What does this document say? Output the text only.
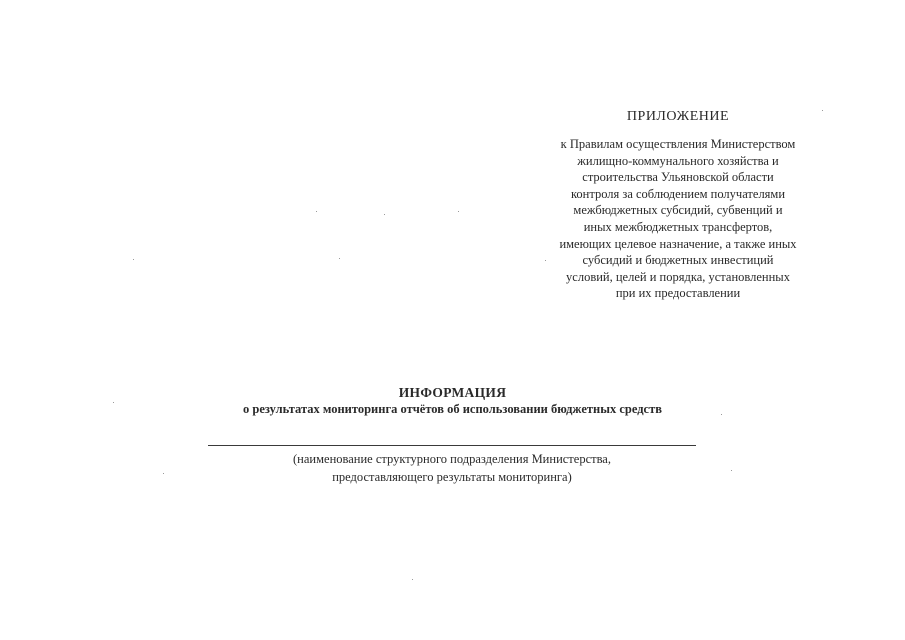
ПРИЛОЖЕНИЕ

к Правилам осуществления Министерством
жилищно-коммунального хозяйства и
строительства Ульяновской области
контроля за соблюдением получателями
межбюджетных субсидий, субвенций и
иных межбюджетных трансфертов,
имеющих целевое назначение, а также иных
субсидий и бюджетных инвестиций
условий, целей и порядка, установленных
при их предоставлении

ИНФОРМАЦИЯ

о результатах мониторинга отчётов об использовании бюджетных средств

(наименование структурного подразделения Министерства,
предоставляющего результаты мониторинга)
